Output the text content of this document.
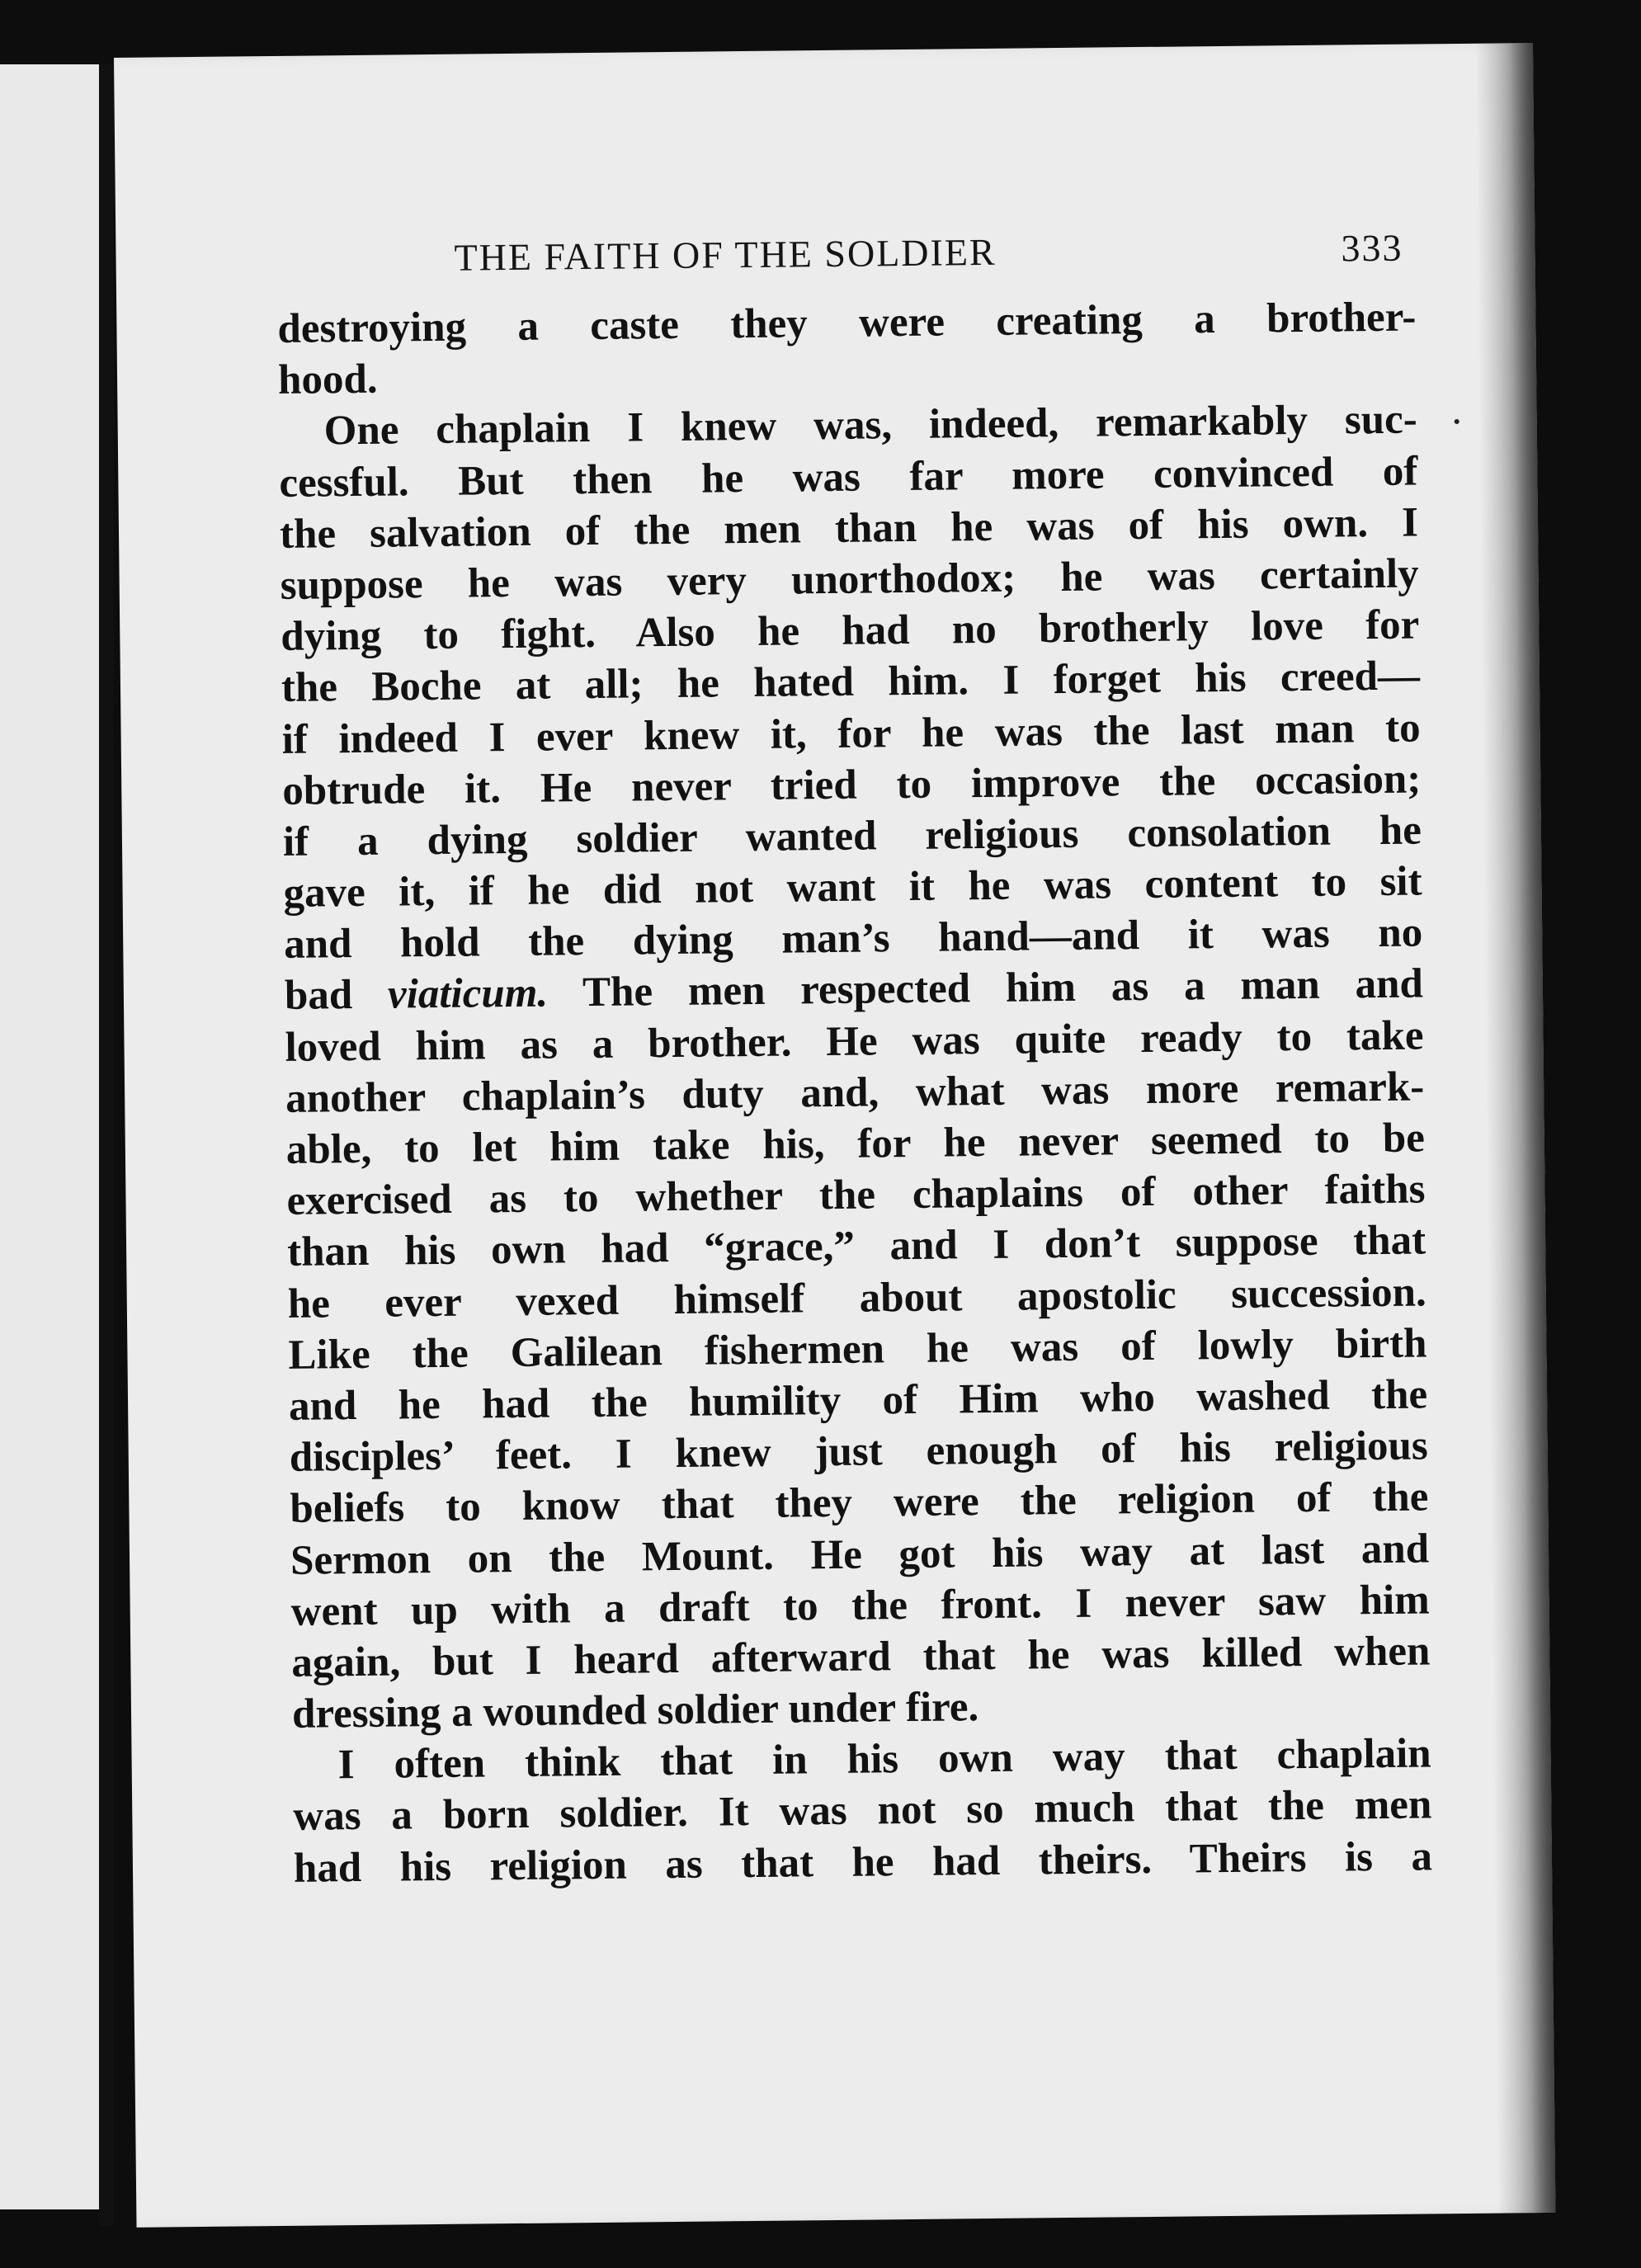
THE FAITH OF THE SOLDIER	333
destroying a caste they were creating a brother-
hood.
One chaplain I knew was, indeed, remarkably suc-
cessful. But then he was far more convinced of
the salvation of the men than he was of his own. I
suppose he was very unorthodox; he was certainly
dying to fight. Also he had no brotherly love for
the Boche at all; he hated him. I forget his creed—
if indeed I ever knew it, for he was the last man to
obtrude it. He never tried to improve the occasion;
if a dying soldier wanted religious consolation he
gave it, if he did not want it he was content to sit
and hold the dying man’s hand—and it was no
bad viaticum. The men respected him as a man and
loved him as a brother. He was quite ready to take
another chaplain’s duty and, what was more remark-
able, to let him take his, for he never seemed to be
exercised as to whether the chaplains of other faiths
than his own had “grace,” and I don’t suppose that
he ever vexed himself about apostolic succession.
Like the Galilean fishermen he was of lowly birth
and he had the humility of Him who washed the
disciples’ feet. I knew just enough of his religious
beliefs to know that they were the religion of the
Sermon on the Mount. He got his way at last and
went up with a draft to the front. I never saw him
again, but I heard afterward that he was killed when
dressing a wounded soldier under fire.
I often think that in his own way that chaplain
was a born soldier. It was not so much that the men
had his religion as that he had theirs. Theirs is a
